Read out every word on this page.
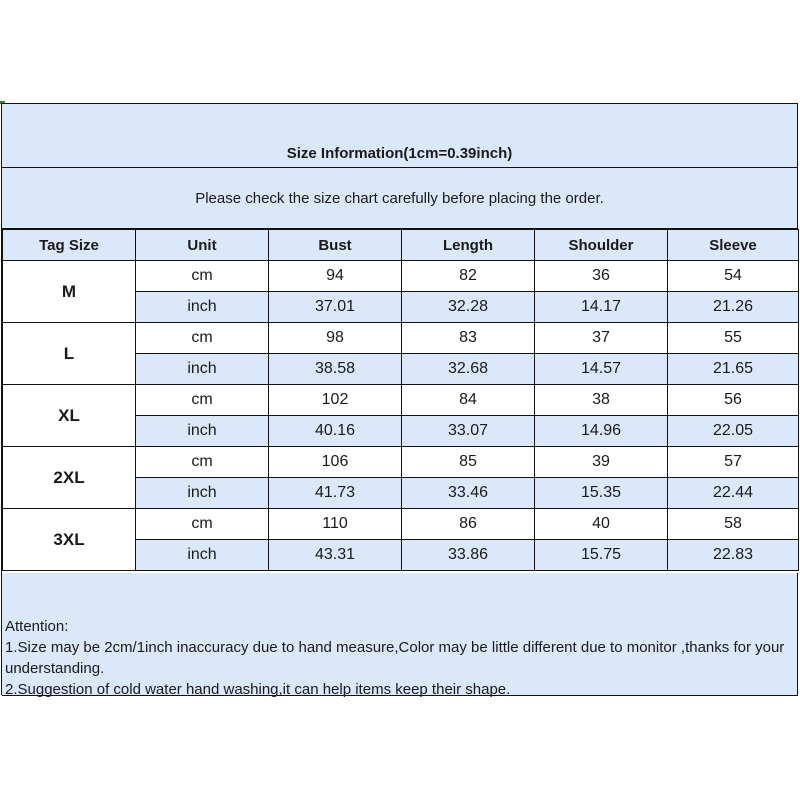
Size Information(1cm=0.39inch)
Please check the size chart carefully before placing the order.
Tag Size	Unit	Bust	Length	Shoulder	Sleeve
M	cm	94	82	36	54
	inch	37.01	32.28	14.17	21.26
L	cm	98	83	37	55
	inch	38.58	32.68	14.57	21.65
XL	cm	102	84	38	56
	inch	40.16	33.07	14.96	22.05
2XL	cm	106	85	39	57
	inch	41.73	33.46	15.35	22.44
3XL	cm	110	86	40	58
	inch	43.31	33.86	15.75	22.83

Attention:

1.Size may be 2cm/1inch inaccuracy due to hand measure,Color may be little different due to monitor ,thanks for your understanding.

2.Suggestion of cold water hand washing,it can help items keep their shape.
